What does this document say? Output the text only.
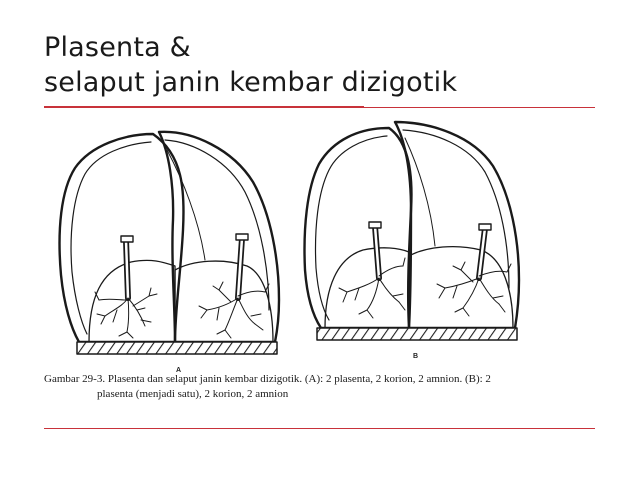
Plasenta &
selaput janin kembar dizigotik
A
B

Gambar 29-3. Plasenta dan selaput janin kembar dizigotik. (A): 2 plasenta, 2 korion, 2 amnion. (B): 2
plasenta (menjadi satu), 2 korion, 2 amnion
